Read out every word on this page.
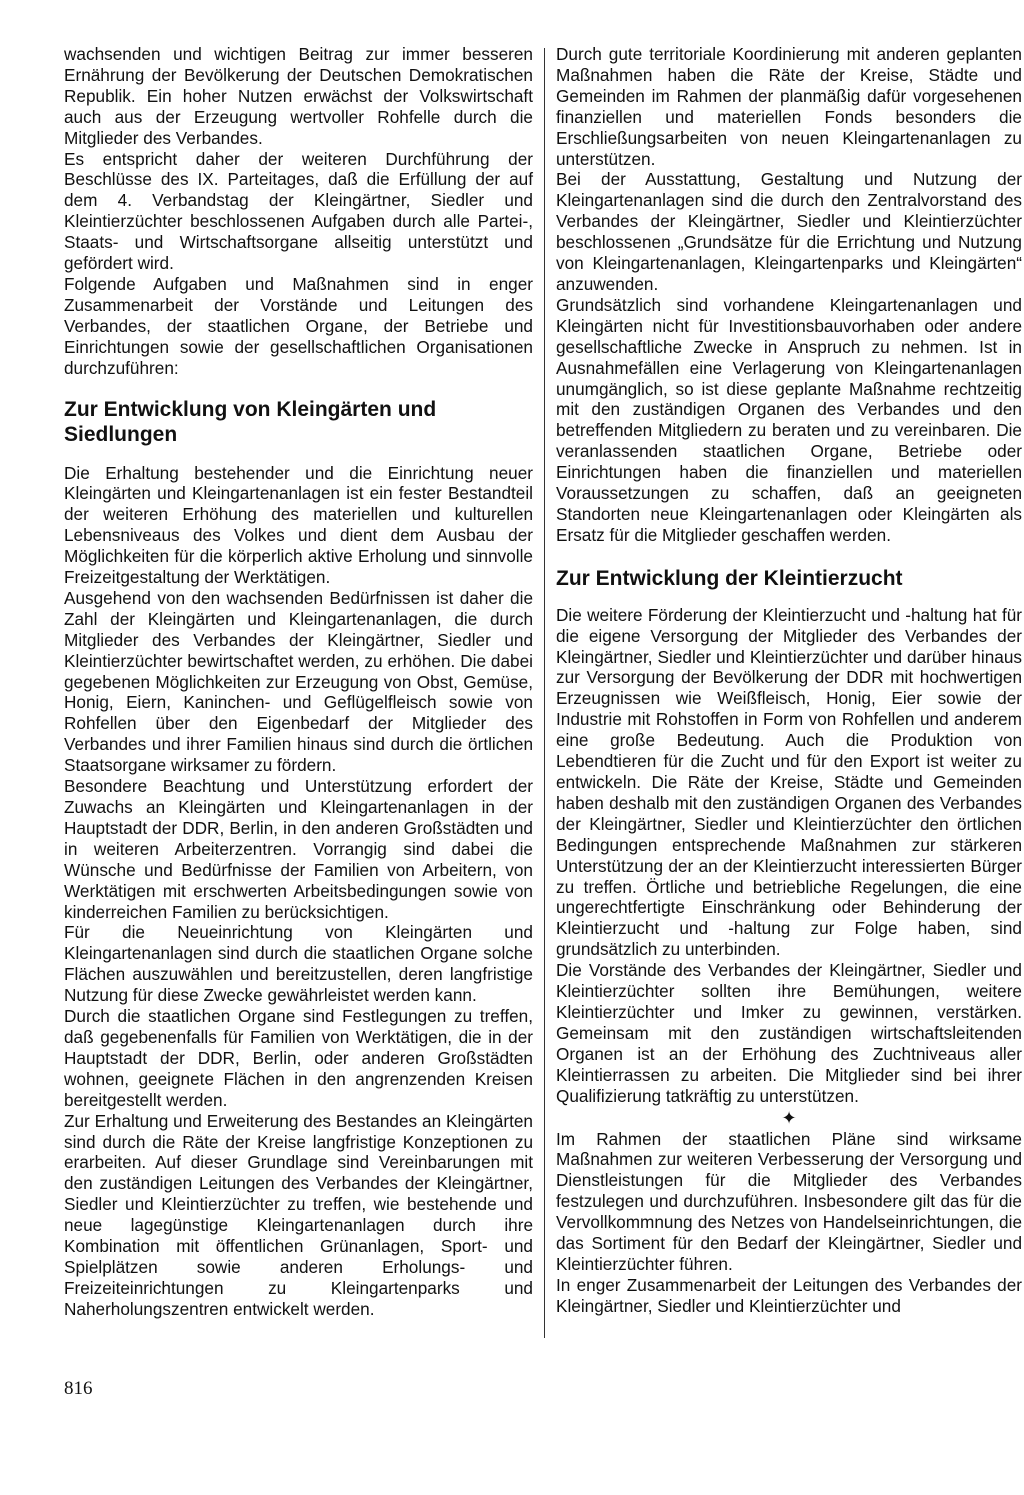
wachsenden und wichtigen Beitrag zur immer besseren Ernährung der Bevölkerung der Deutschen Demokratischen Republik. Ein hoher Nutzen erwächst der Volkswirtschaft auch aus der Erzeugung wertvoller Rohfelle durch die Mitglieder des Verbandes.

Es entspricht daher der weiteren Durchführung der Beschlüsse des IX. Parteitages, daß die Erfüllung der auf dem 4. Verbandstag der Kleingärtner, Siedler und Kleintierzüchter beschlossenen Aufgaben durch alle Partei-, Staats- und Wirtschaftsorgane allseitig unterstützt und gefördert wird.

Folgende Aufgaben und Maßnahmen sind in enger Zusammenarbeit der Vorstände und Leitungen des Verbandes, der staatlichen Organe, der Betriebe und Einrichtungen sowie der gesellschaftlichen Organisationen durchzuführen:

Zur Entwicklung von Kleingärten und Siedlungen

Die Erhaltung bestehender und die Einrichtung neuer Kleingärten und Kleingartenanlagen ist ein fester Bestandteil der weiteren Erhöhung des materiellen und kulturellen Lebensniveaus des Volkes und dient dem Ausbau der Möglichkeiten für die körperlich aktive Erholung und sinnvolle Freizeitgestaltung der Werktätigen.

Ausgehend von den wachsenden Bedürfnissen ist daher die Zahl der Kleingärten und Kleingartenanlagen, die durch Mitglieder des Verbandes der Kleingärtner, Siedler und Kleintierzüchter bewirtschaftet werden, zu erhöhen. Die dabei gegebenen Möglichkeiten zur Erzeugung von Obst, Gemüse, Honig, Eiern, Kaninchen- und Geflügelfleisch sowie von Rohfellen über den Eigenbedarf der Mitglieder des Verbandes und ihrer Familien hinaus sind durch die örtlichen Staatsorgane wirksamer zu fördern.

Besondere Beachtung und Unterstützung erfordert der Zuwachs an Kleingärten und Kleingartenanlagen in der Hauptstadt der DDR, Berlin, in den anderen Großstädten und in weiteren Arbeiterzentren. Vorrangig sind dabei die Wünsche und Bedürfnisse der Familien von Arbeitern, von Werktätigen mit erschwerten Arbeitsbedingungen sowie von kinderreichen Familien zu berücksichtigen.

Für die Neueinrichtung von Kleingärten und Kleingartenanlagen sind durch die staatlichen Organe solche Flächen auszuwählen und bereitzustellen, deren langfristige Nutzung für diese Zwecke gewährleistet werden kann.

Durch die staatlichen Organe sind Festlegungen zu treffen, daß gegebenenfalls für Familien von Werktätigen, die in der Hauptstadt der DDR, Berlin, oder anderen Großstädten wohnen, geeignete Flächen in den angrenzenden Kreisen bereitgestellt werden.

Zur Erhaltung und Erweiterung des Bestandes an Kleingärten sind durch die Räte der Kreise langfristige Konzeptionen zu erarbeiten. Auf dieser Grundlage sind Vereinbarungen mit den zuständigen Leitungen des Verbandes der Kleingärtner, Siedler und Kleintierzüchter zu treffen, wie bestehende und neue lagegünstige Kleingartenanlagen durch ihre Kombination mit öffentlichen Grünanlagen, Sport- und Spielplätzen sowie anderen Erholungs- und Freizeiteinrichtungen zu Kleingartenparks und Naherholungszentren entwickelt werden.

Durch gute territoriale Koordinierung mit anderen geplanten Maßnahmen haben die Räte der Kreise, Städte und Gemeinden im Rahmen der planmäßig dafür vorgesehenen finanziellen und materiellen Fonds besonders die Erschließungsarbeiten von neuen Kleingartenanlagen zu unterstützen.

Bei der Ausstattung, Gestaltung und Nutzung der Kleingartenanlagen sind die durch den Zentralvorstand des Verbandes der Kleingärtner, Siedler und Kleintierzüchter beschlossenen „Grundsätze für die Errichtung und Nutzung von Kleingartenanlagen, Kleingartenparks und Kleingärten“ anzuwenden.

Grundsätzlich sind vorhandene Kleingartenanlagen und Kleingärten nicht für Investitionsbauvorhaben oder andere gesellschaftliche Zwecke in Anspruch zu nehmen. Ist in Ausnahmefällen eine Verlagerung von Kleingartenanlagen unumgänglich, so ist diese geplante Maßnahme rechtzeitig mit den zuständigen Organen des Verbandes und den betreffenden Mitgliedern zu beraten und zu vereinbaren. Die veranlassenden staatlichen Organe, Betriebe oder Einrichtungen haben die finanziellen und materiellen Voraussetzungen zu schaffen, daß an geeigneten Standorten neue Kleingartenanlagen oder Kleingärten als Ersatz für die Mitglieder geschaffen werden.

Zur Entwicklung der Kleintierzucht

Die weitere Förderung der Kleintierzucht und -haltung hat für die eigene Versorgung der Mitglieder des Verbandes der Kleingärtner, Siedler und Kleintierzüchter und darüber hinaus zur Versorgung der Bevölkerung der DDR mit hochwertigen Erzeugnissen wie Weißfleisch, Honig, Eier sowie der Industrie mit Rohstoffen in Form von Rohfellen und anderem eine große Bedeutung. Auch die Produktion von Lebendtieren für die Zucht und für den Export ist weiter zu entwickeln. Die Räte der Kreise, Städte und Gemeinden haben deshalb mit den zuständigen Organen des Verbandes der Kleingärtner, Siedler und Kleintierzüchter den örtlichen Bedingungen entsprechende Maßnahmen zur stärkeren Unterstützung der an der Kleintierzucht interessierten Bürger zu treffen. Örtliche und betriebliche Regelungen, die eine ungerechtfertigte Einschränkung oder Behinderung der Kleintierzucht und -haltung zur Folge haben, sind grundsätzlich zu unterbinden.

Die Vorstände des Verbandes der Kleingärtner, Siedler und Kleintierzüchter sollten ihre Bemühungen, weitere Kleintierzüchter und Imker zu gewinnen, verstärken. Gemeinsam mit den zuständigen wirtschaftsleitenden Organen ist an der Erhöhung des Zuchtniveaus aller Kleintierrassen zu arbeiten. Die Mitglieder sind bei ihrer Qualifizierung tatkräftig zu unterstützen.

✦

Im Rahmen der staatlichen Pläne sind wirksame Maßnahmen zur weiteren Verbesserung der Versorgung und Dienstleistungen für die Mitglieder des Verbandes festzulegen und durchzuführen. Insbesondere gilt das für die Vervollkommnung des Netzes von Handelseinrichtungen, die das Sortiment für den Bedarf der Kleingärtner, Siedler und Kleintierzüchter führen.

In enger Zusammenarbeit der Leitungen des Verbandes der Kleingärtner, Siedler und Kleintierzüchter und

816
